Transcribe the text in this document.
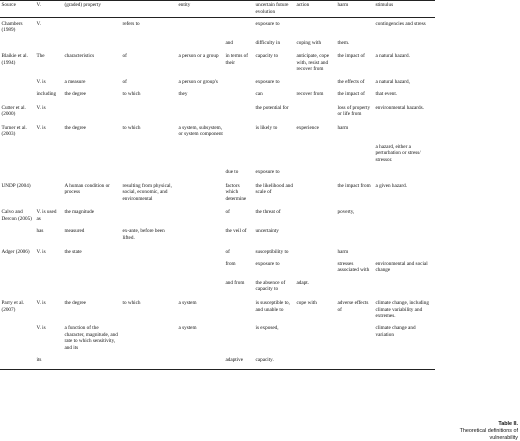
Source	V.	(graded) property		entity		uncertain future evolution	action	harm	stimulus
Chambers (1989)	V.		refers to			exposure to			contingencies and stress
					and	difficulty in	coping with	them.	
Blaikie et al. (1994)	The	characteristics	of	a person or a group	in terms of their	capacity to	anticipate, cope with, resist and recover from	the impact of	a natural hazard.
	V. is	a measure	of	a person or group's		exposure to		the effects of	a natural hazard,
	including	the degree	to which	they		can	recover from	the impact of	that event.
Cutter et al. (2000)	V. is					the potential for		loss of property or life from	environmental hazards.
Turner et al. (2003)	V. is	the degree	to which	a system, subsystem, or system component		is likely to	experience	harm	
									a hazard, either a perturbation or stress/ stressor.
					due to	exposure to			
UNDP (2004)		A human condition or process	resulting from physical, social, economic, and environmental		factors which determine	the likelihood and scale of		the impact from	a given hazard.
Calvo and Dercon (2005)	V. is used as	the magnitude			of	the threat of		poverty,	
	has	measured	ex-ante, before been lifted.		the veil of	uncertainty			
Adger (2006)	V. is	the state			of	susceptibility to		harm	
					from	exposure to		stresses associated with	environmental and social change
					and from	the absence of capacity to	adapt.		
Parry et al. (2007)	V. is	the degree	to which	a system		is susceptible to, and unable to	cope with	adverse effects of	climate change, including climate variability and extremes.
	V. is	a function of the character, magnitude, and rate to which sensitivity, and its		a system		is exposed,			climate change and variation
	its				adaptive	capacity.			
Table II.
Theoretical definitions of vulnerability
